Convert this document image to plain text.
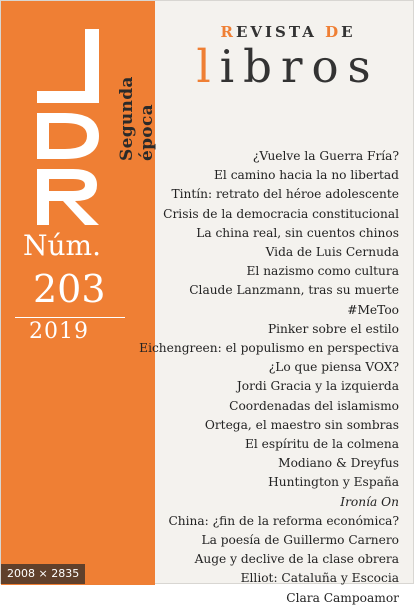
Segunda época
Núm.
203
2019
REVISTA DE
libros
¿Vuelve la Guerra Fría?
El camino hacia la no libertad
Tintín: retrato del héroe adolescente
Crisis de la democracia constitucional
La china real, sin cuentos chinos
Vida de Luis Cernuda
El nazismo como cultura
Claude Lanzmann, tras su muerte
#MeToo
Pinker sobre el estilo
Eichengreen: el populismo en perspectiva
¿Lo que piensa VOX?
Jordi Gracia y la izquierda
Coordenadas del islamismo
Ortega, el maestro sin sombras
El espíritu de la colmena
Modiano & Dreyfus
Huntington y España
Ironía On
China: ¿fin de la reforma económica?
La poesía de Guillermo Carnero
Auge y declive de la clase obrera
Elliot: Cataluña y Escocia
Clara Campoamor
2008 × 2835
